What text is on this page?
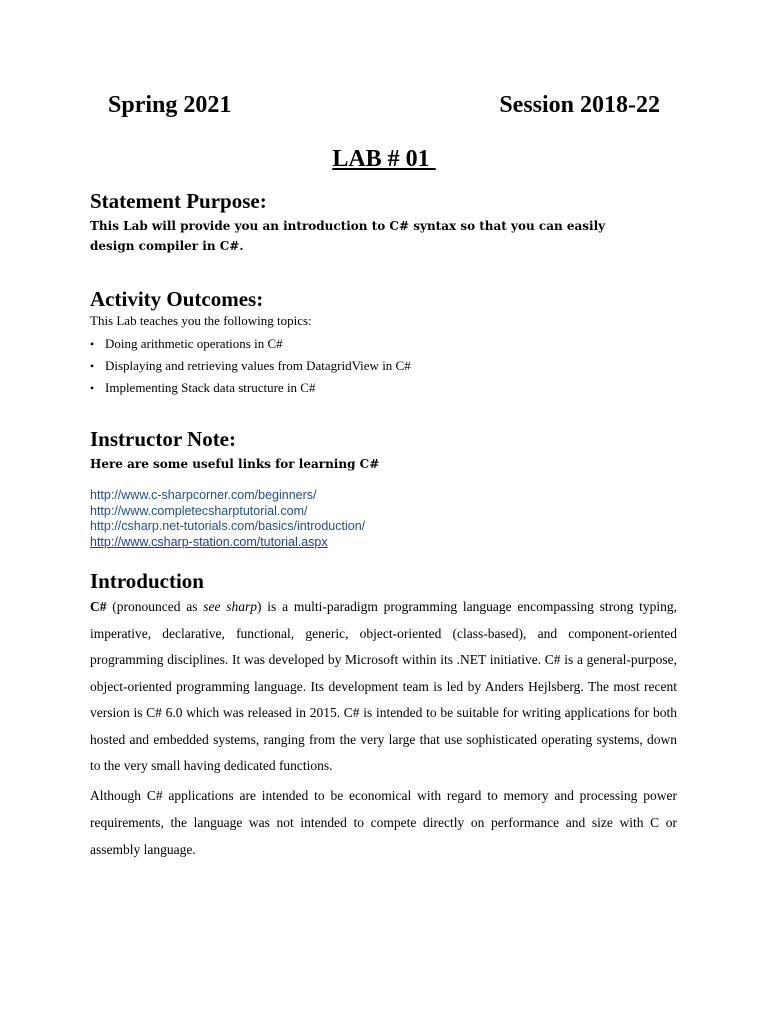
Spring 2021	Session 2018-22
LAB # 01
Statement Purpose:
This Lab will provide you an introduction to C# syntax so that you can easily design compiler in C#.
Activity Outcomes:
This Lab teaches you the following topics:
• Doing arithmetic operations in C#
• Displaying and retrieving values from DatagridView in C#
• Implementing Stack data structure in C#
Instructor Note:
Here are some useful links for learning C#
http://www.c-sharpcorner.com/beginners/
http://www.completecsharptutorial.com/
http://csharp.net-tutorials.com/basics/introduction/
http://www.csharp-station.com/tutorial.aspx
Introduction

C# (pronounced as see sharp) is a multi-paradigm programming language encompassing strong typing, imperative, declarative, functional, generic, object-oriented (class-based), and component-oriented programming disciplines. It was developed by Microsoft within its .NET initiative. C# is a general-purpose, object-oriented programming language. Its development team is led by Anders Hejlsberg. The most recent version is C# 6.0 which was released in 2015. C# is intended to be suitable for writing applications for both hosted and embedded systems, ranging from the very large that use sophisticated operating systems, down to the very small having dedicated functions.

Although C# applications are intended to be economical with regard to memory and processing power requirements, the language was not intended to compete directly on performance and size with C or assembly language.
